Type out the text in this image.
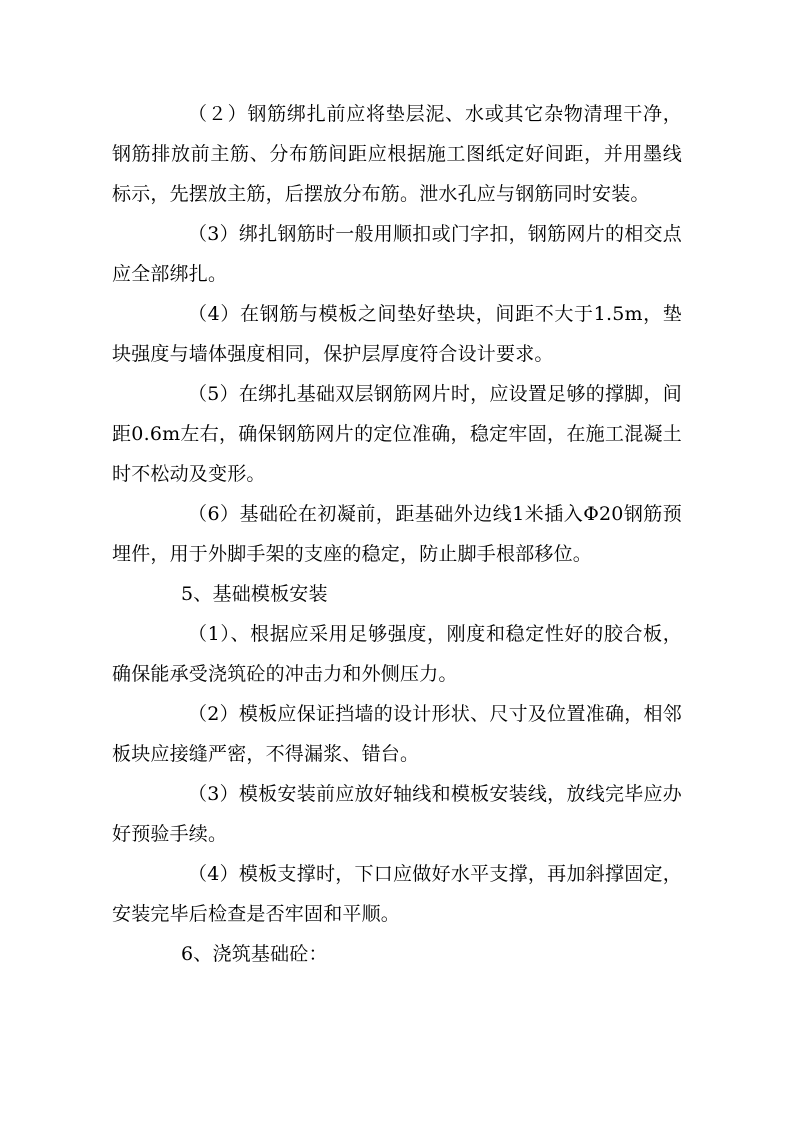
（２）钢筋绑扎前应将垫层泥、水或其它杂物清理干净，钢筋排放前主筋、分布筋间距应根据施工图纸定好间距，并用墨线标示，先摆放主筋，后摆放分布筋。泄水孔应与钢筋同时安装。

（3）绑扎钢筋时一般用顺扣或门字扣，钢筋网片的相交点应全部绑扎。

（4）在钢筋与模板之间垫好垫块，间距不大于1.5m，垫块强度与墙体强度相同，保护层厚度符合设计要求。

（5）在绑扎基础双层钢筋网片时，应设置足够的撑脚，间距0.6m左右，确保钢筋网片的定位准确，稳定牢固，在施工混凝土时不松动及变形。

（6）基础砼在初凝前，距基础外边线1米插入Φ20钢筋预埋件，用于外脚手架的支座的稳定，防止脚手根部移位。

5、基础模板安装

（1）、根据应采用足够强度，刚度和稳定性好的胶合板，确保能承受浇筑砼的冲击力和外侧压力。

（2）模板应保证挡墙的设计形状、尺寸及位置准确，相邻板块应接缝严密，不得漏浆、错台。

（3）模板安装前应放好轴线和模板安装线，放线完毕应办好预验手续。

（4）模板支撑时，下口应做好水平支撑，再加斜撑固定，安装完毕后检查是否牢固和平顺。

6、浇筑基础砼：
